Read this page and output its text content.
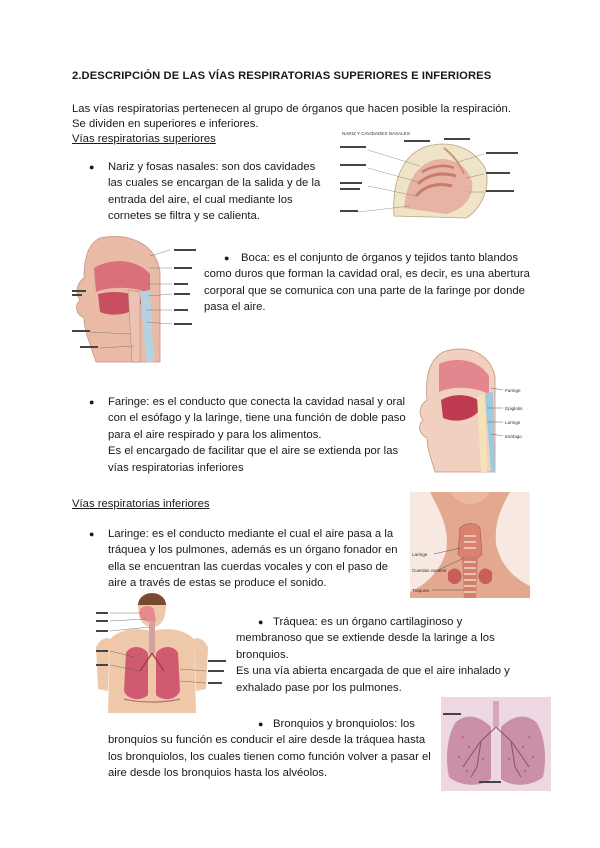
2.DESCRIPCIÓN DE LAS VÍAS RESPIRATORIAS SUPERIORES E INFERIORES
Las vías respiratorias pertenecen al grupo de órganos que hacen posible la respiración.
Se dividen en superiores e inferiores.
Vías respiratorias superiores
● Nariz y fosas nasales: son dos cavidades
las cuales se encargan de la salida y de la
entrada del aire, el cual mediante los
cornetes se filtra y se calienta.
NARIZ Y CAVIDADES NASALES
●	Boca: es el conjunto de órganos y tejidos tanto blandos
como duros que forman la cavidad oral, es decir, es una abertura
corporal que se comunica con una parte de la faringe por donde
pasa el aire.
Faringe
Epiglotis
Laringe
Esófago
● Faringe: es el conducto que conecta la cavidad nasal y oral
con el esófago y la laringe, tiene una función de doble paso
para el aire respirado y para los alimentos.
Es el encargado de facilitar que el aire se extienda por las
vías respiratorias inferiores
Vías respiratorias inferiores
● Laringe: es el conducto mediante el cual el aire pasa a la
tráquea y los pulmones, además es un órgano fonador en
ella se encuentran las cuerdas vocales y con el paso de
aire a través de estas se produce el sonido.
Laringe
Cuerdas vocales
Tráquea
● Tráquea: es un órgano cartilaginoso y
membranoso que se extiende desde la laringe a los
bronquios.
Es una vía abierta encargada de que el aire inhalado y
exhalado pase por los pulmones.
● Bronquios y bronquiolos: los
bronquios su función es conducir el aire desde la tráquea hasta
los bronquiolos, los cuales tienen como función volver a pasar el
aire desde los bronquios hasta los alvéolos.
